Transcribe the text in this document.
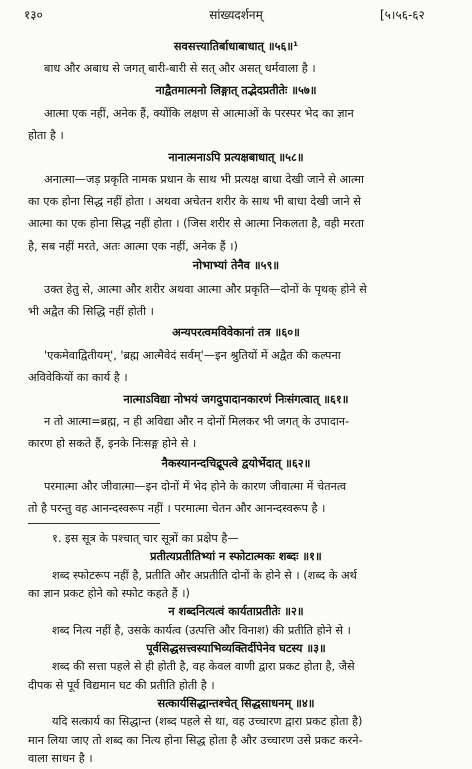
१३०	सांख्यदर्शनम्	[५।५६-६२
सवसत्त्यातिर्बाधाबाधात् ॥५६॥¹
बाध और अबाध से जगत् बारी-बारी से सत् और असत् धर्मवाला है ।
नाद्वैतमात्मनो लिङ्गात् तद्भेदप्रतीतेः ॥५७॥
आत्मा एक नहीं, अनेक हैं, क्योंकि लक्षण से आत्माओं के परस्पर भेद का ज्ञान
होता है ।
नानात्मनाऽपि प्रत्यक्षबाधात् ॥५८॥
अनात्मा—जड़ प्रकृति नामक प्रधान के साथ भी प्रत्यक्ष बाधा देखी जाने से आत्मा
का एक होना सिद्ध नहीं होता । अथवा अचेतन शरीर के साथ भी बाधा देखी जाने से
आत्मा का एक होना सिद्ध नहीं होता । (जिस शरीर से आत्मा निकलता है, वही मरता
है, सब नहीं मरते, अतः आत्मा एक नहीं, अनेक हैं ।)
नोभाभ्यां तेनैव ॥५९॥
उक्त हेतु से, आत्मा और शरीर अथवा आत्मा और प्रकृति—दोनों के पृथक् होने से
भी अद्वैत की सिद्धि नहीं होती ।
अन्यपरत्वमविवेकानां तत्र ॥६०॥
'एकमेवाद्वितीयम्', 'ब्रह्म आत्मैवेदं सर्वम्'—इन श्रुतियों में अद्वैत की कल्पना
अविवेकियों का कार्य है ।
नात्माऽविद्या नोभयं जगदुपादानकारणं निःसंगत्वात् ॥६१॥
न तो आत्मा=ब्रह्म, न ही अविद्या और न दोनों मिलकर भी जगत् के उपादान-
कारण हो सकते हैं, इनके निःसङ्ग होने से ।
नैकस्यानन्दचिद्रूपत्वे द्वयोर्भेदात् ॥६२॥
परमात्मा और जीवात्मा—इन दोनों में भेद होने के कारण जीवात्मा में चेतनत्व
तो है परन्तु वह आनन्दस्वरूप नहीं । परमात्मा चेतन और आनन्दस्वरूप है ।
१. इस सूत्र के पश्चात् चार सूत्रों का प्रक्षेप है—
प्रतीत्यप्रतीतिभ्यां न स्फोटात्मकः शब्दः ॥१॥
शब्द स्फोटरूप नहीं है, प्रतीति और अप्रतीति दोनों के होने से । (शब्द के अर्थ
का ज्ञान प्रकट होने को स्फोट कहते हैं ।)
न शब्दनित्यत्वं कार्यताप्रतीतेः ॥२॥
शब्द नित्य नहीं है, उसके कार्यत्व (उत्पत्ति और विनाश) की प्रतीति होने से ।
पूर्वसिद्धसत्त्वस्याभिव्यक्तिर्दीपेनेव घटस्य ॥३॥
शब्द की सत्ता पहले से ही होती है, वह केवल वाणी द्वारा प्रकट होता है, जैसे
दीपक से पूर्व विद्यमान घट की प्रतीति होती है ।
सत्कार्यसिद्धान्तश्चेत् सिद्धसाधनम् ॥४॥
यदि सत्कार्य का सिद्धान्त (शब्द पहले से था, वह उच्चारण द्वारा प्रकट होता है)
मान लिया जाए तो शब्द का नित्य होना सिद्ध होता है और उच्चारण उसे प्रकट करने-
वाला साधन है ।
